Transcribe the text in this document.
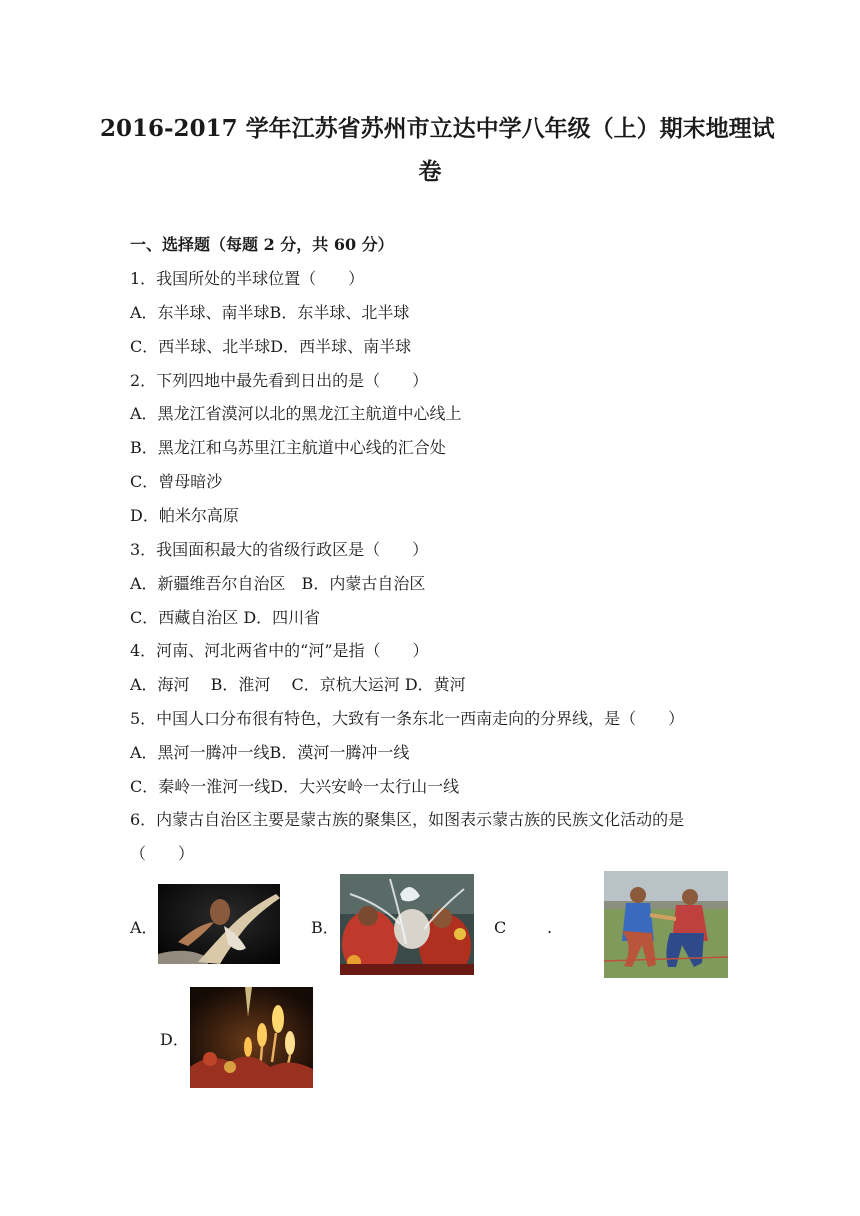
2016-2017 学年江苏省苏州市立达中学八年级（上）期末地理试
卷
一、选择题（每题 2 分，共 60 分）
1．我国所处的半球位置（　　）
A．东半球、南半球B．东半球、北半球
C．西半球、北半球D．西半球、南半球
2．下列四地中最先看到日出的是（　　）
A．黑龙江省漠河以北的黑龙江主航道中心线上
B．黑龙江和乌苏里江主航道中心线的汇合处
C．曾母暗沙
D．帕米尔高原
3．我国面积最大的省级行政区是（　　）
A．新疆维吾尔自治区　B．内蒙古自治区
C．西藏自治区 D．四川省
4．河南、河北两省中的“河”是指（　　）
A．海河　 B．淮河　 C．京杭大运河 D．黄河
5．中国人口分布很有特色，大致有一条东北一西南走向的分界线，是（　　）
A．黑河一腾冲一线B．漠河一腾冲一线
C．秦岭一淮河一线D．大兴安岭一太行山一线
6．内蒙古自治区主要是蒙古族的聚集区，如图表示蒙古族的民族文化活动的是
（　　）
A．	B．	C	.
D．
